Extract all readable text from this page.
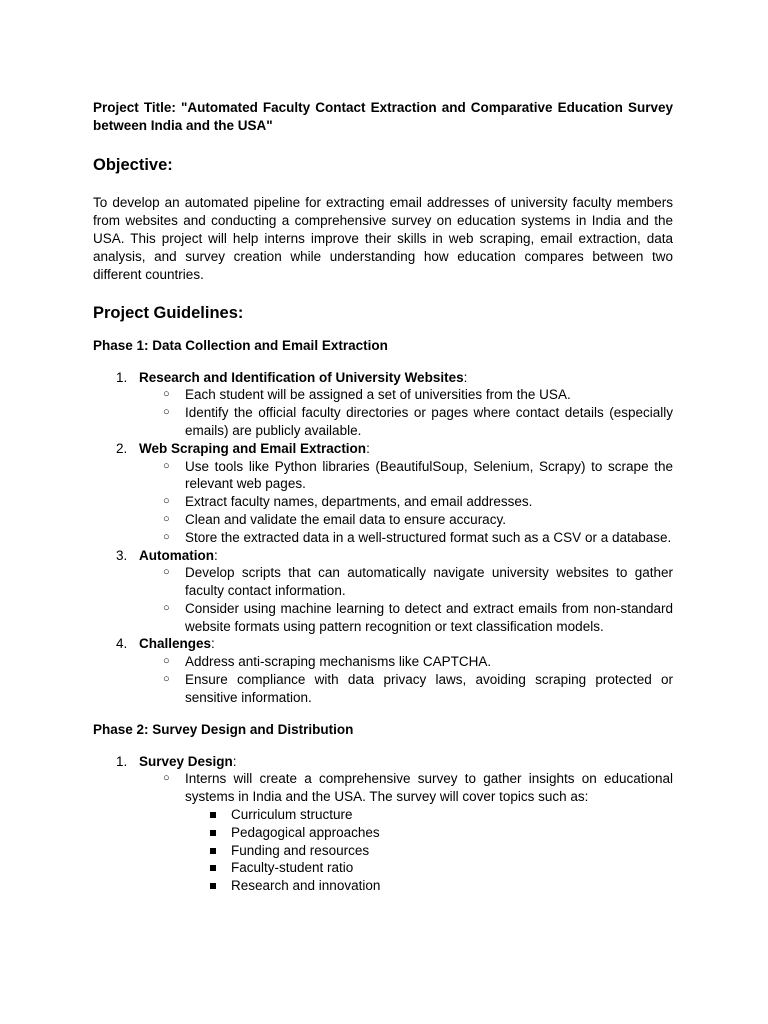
Project Title: "Automated Faculty Contact Extraction and Comparative Education Survey between India and the USA"

Objective:

To develop an automated pipeline for extracting email addresses of university faculty members from websites and conducting a comprehensive survey on education systems in India and the USA. This project will help interns improve their skills in web scraping, email extraction, data analysis, and survey creation while understanding how education compares between two different countries.

Project Guidelines:
Phase 1: Data Collection and Email Extraction
1. Research and Identification of University Websites:
○ Each student will be assigned a set of universities from the USA.
○ Identify the official faculty directories or pages where contact details (especially emails) are publicly available.
2. Web Scraping and Email Extraction:
○ Use tools like Python libraries (BeautifulSoup, Selenium, Scrapy) to scrape the relevant web pages.
○ Extract faculty names, departments, and email addresses.
○ Clean and validate the email data to ensure accuracy.
○ Store the extracted data in a well-structured format such as a CSV or a database.
3. Automation:
○ Develop scripts that can automatically navigate university websites to gather faculty contact information.
○ Consider using machine learning to detect and extract emails from non-standard website formats using pattern recognition or text classification models.
4. Challenges:
○ Address anti-scraping mechanisms like CAPTCHA.
○ Ensure compliance with data privacy laws, avoiding scraping protected or sensitive information.
Phase 2: Survey Design and Distribution
1. Survey Design:
○ Interns will create a comprehensive survey to gather insights on educational systems in India and the USA. The survey will cover topics such as:
Curriculum structure
Pedagogical approaches
Funding and resources
Faculty-student ratio
Research and innovation
